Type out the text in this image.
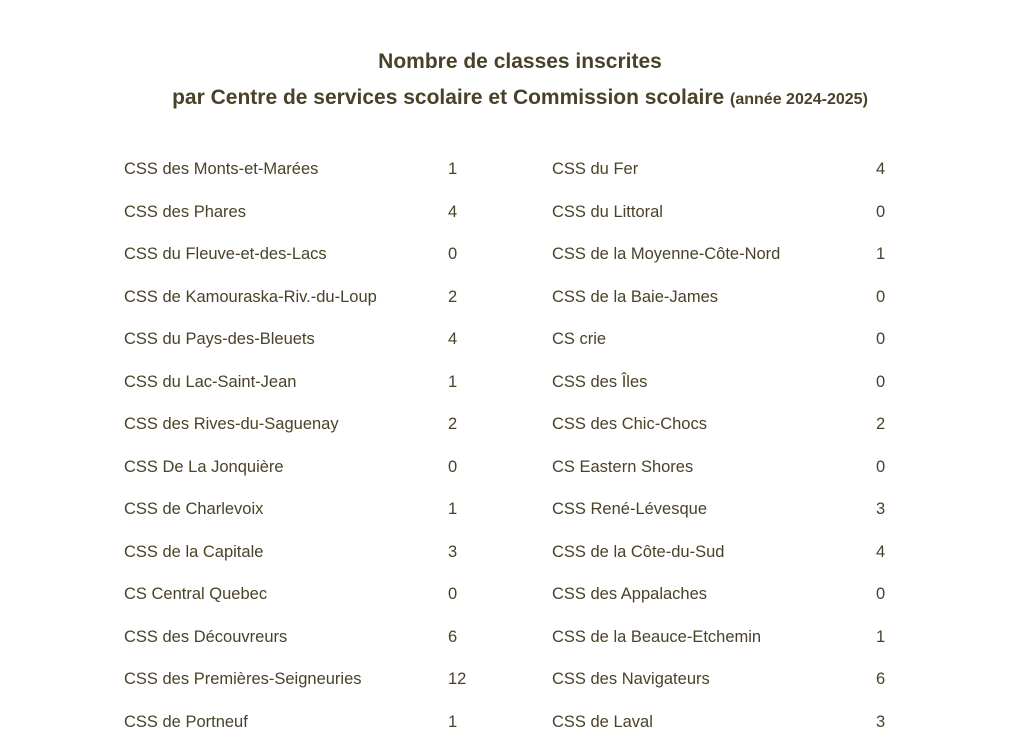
Nombre de classes inscrites
par Centre de services scolaire et Commission scolaire (année 2024-2025)
CSS des Monts-et-Marées	1	CSS du Fer	4
CSS des Phares	4	CSS du Littoral	0
CSS du Fleuve-et-des-Lacs	0	CSS de la Moyenne-Côte-Nord	1
CSS de Kamouraska-Riv.-du-Loup	2	CSS de la Baie-James	0
CSS du Pays-des-Bleuets	4	CS crie	0
CSS du Lac-Saint-Jean	1	CSS des Îles	0
CSS des Rives-du-Saguenay	2	CSS des Chic-Chocs	2
CSS De La Jonquière	0	CS Eastern Shores	0
CSS de Charlevoix	1	CSS René-Lévesque	3
CSS de la Capitale	3	CSS de la Côte-du-Sud	4
CS Central Quebec	0	CSS des Appalaches	0
CSS des Découvreurs	6	CSS de la Beauce-Etchemin	1
CSS des Premières-Seigneuries	12	CSS des Navigateurs	6
CSS de Portneuf	1	CSS de Laval	3
